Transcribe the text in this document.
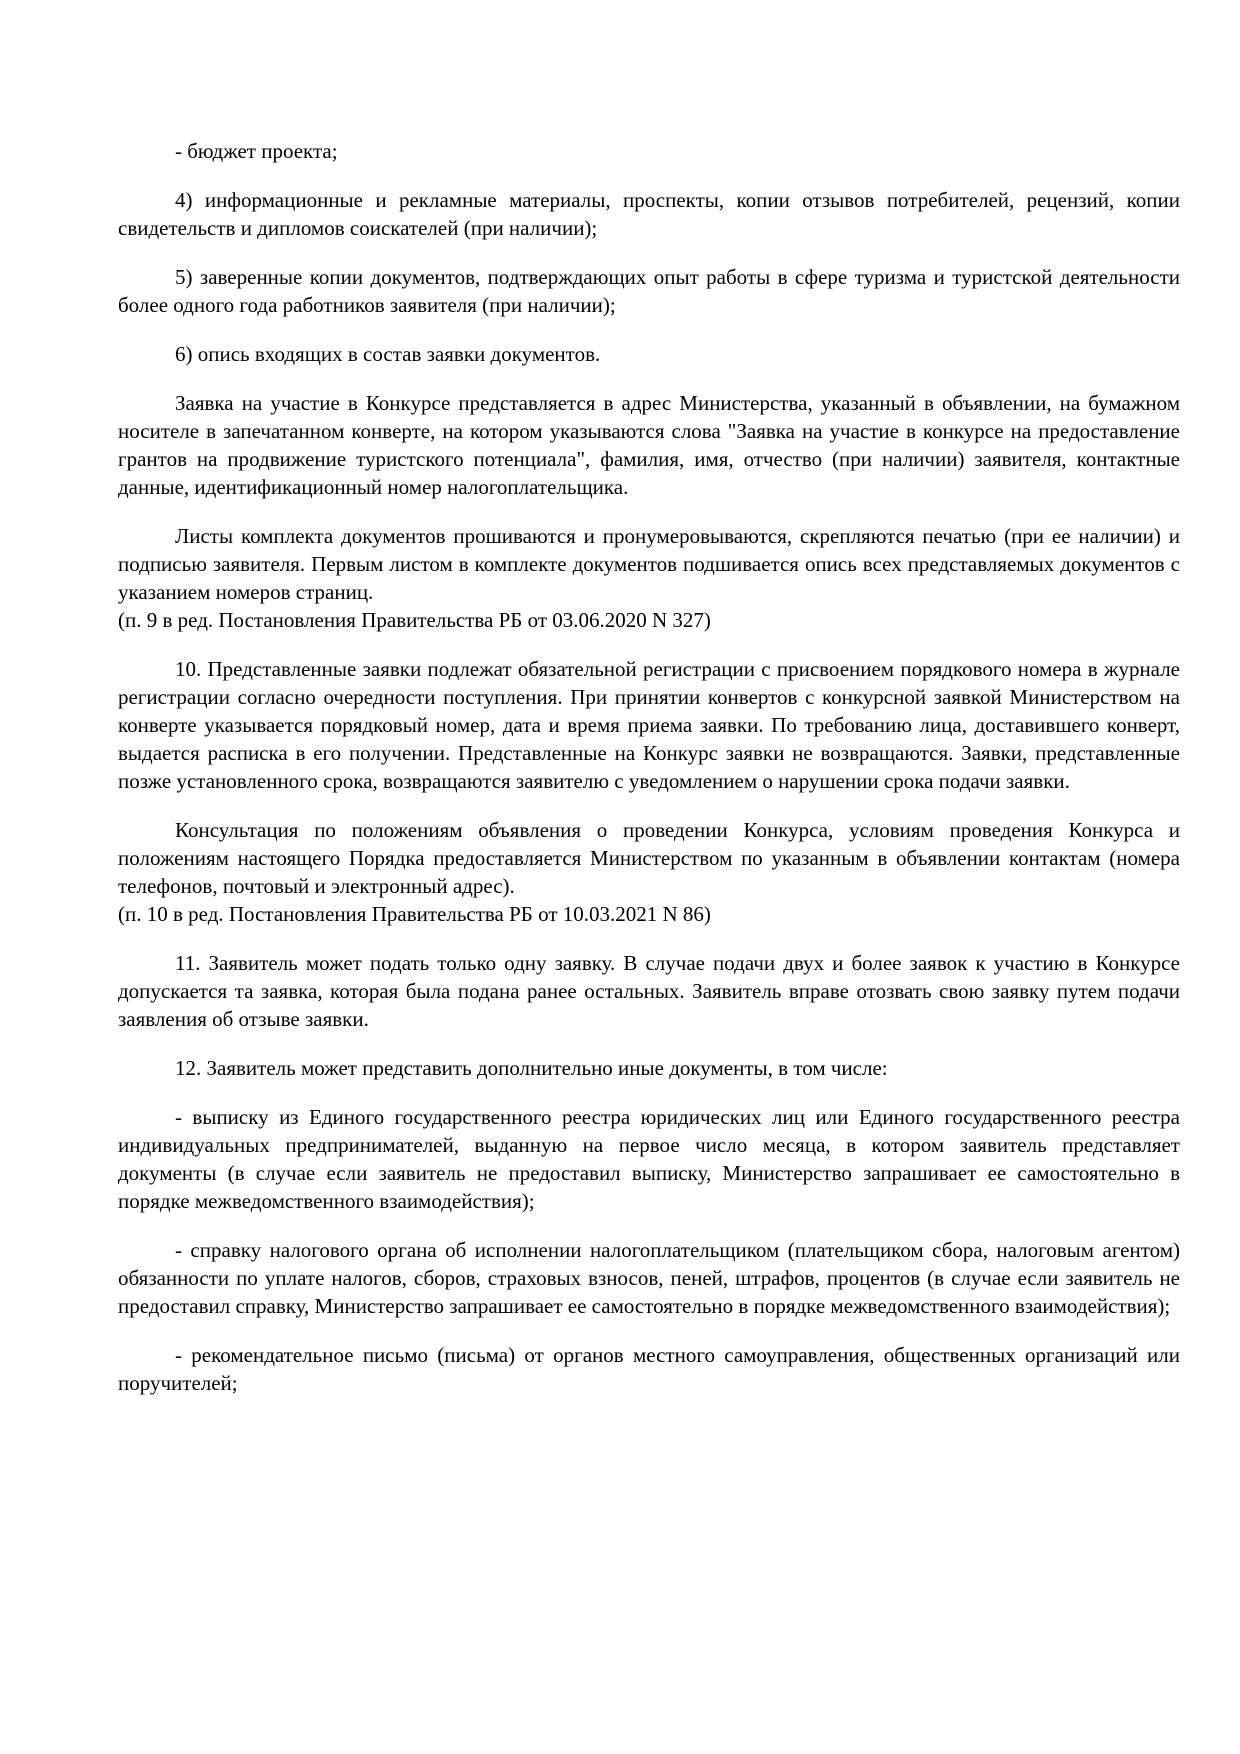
- бюджет проекта;

4) информационные и рекламные материалы, проспекты, копии отзывов потребителей, рецензий, копии свидетельств и дипломов соискателей (при наличии);

5) заверенные копии документов, подтверждающих опыт работы в сфере туризма и туристской деятельности более одного года работников заявителя (при наличии);

6) опись входящих в состав заявки документов.

Заявка на участие в Конкурсе представляется в адрес Министерства, указанный в объявлении, на бумажном носителе в запечатанном конверте, на котором указываются слова "Заявка на участие в конкурсе на предоставление грантов на продвижение туристского потенциала", фамилия, имя, отчество (при наличии) заявителя, контактные данные, идентификационный номер налогоплательщика.

Листы комплекта документов прошиваются и пронумеровываются, скрепляются печатью (при ее наличии) и подписью заявителя. Первым листом в комплекте документов подшивается опись всех представляемых документов с указанием номеров страниц.
(п. 9 в ред. Постановления Правительства РБ от 03.06.2020 N 327)

10. Представленные заявки подлежат обязательной регистрации с присвоением порядкового номера в журнале регистрации согласно очередности поступления. При принятии конвертов с конкурсной заявкой Министерством на конверте указывается порядковый номер, дата и время приема заявки. По требованию лица, доставившего конверт, выдается расписка в его получении. Представленные на Конкурс заявки не возвращаются. Заявки, представленные позже установленного срока, возвращаются заявителю с уведомлением о нарушении срока подачи заявки.

Консультация по положениям объявления о проведении Конкурса, условиям проведения Конкурса и положениям настоящего Порядка предоставляется Министерством по указанным в объявлении контактам (номера телефонов, почтовый и электронный адрес).
(п. 10 в ред. Постановления Правительства РБ от 10.03.2021 N 86)

11. Заявитель может подать только одну заявку. В случае подачи двух и более заявок к участию в Конкурсе допускается та заявка, которая была подана ранее остальных. Заявитель вправе отозвать свою заявку путем подачи заявления об отзыве заявки.

12. Заявитель может представить дополнительно иные документы, в том числе:

- выписку из Единого государственного реестра юридических лиц или Единого государственного реестра индивидуальных предпринимателей, выданную на первое число месяца, в котором заявитель представляет документы (в случае если заявитель не предоставил выписку, Министерство запрашивает ее самостоятельно в порядке межведомственного взаимодействия);

- справку налогового органа об исполнении налогоплательщиком (плательщиком сбора, налоговым агентом) обязанности по уплате налогов, сборов, страховых взносов, пеней, штрафов, процентов (в случае если заявитель не предоставил справку, Министерство запрашивает ее самостоятельно в порядке межведомственного взаимодействия);

- рекомендательное письмо (письма) от органов местного самоуправления, общественных организаций или поручителей;
